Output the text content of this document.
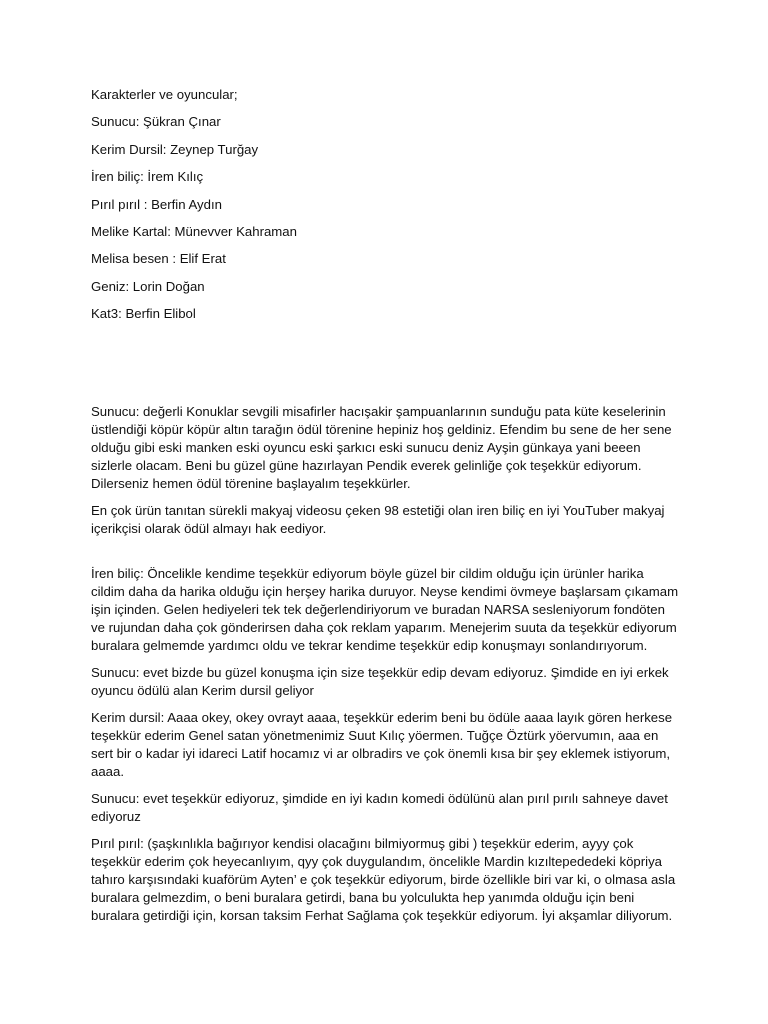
Karakterler ve oyuncular;
Sunucu: Şükran Çınar
Kerim Dursil: Zeynep Turğay
İren biliç: İrem Kılıç
Pırıl pırıl : Berfin Aydın
Melike Kartal: Münevver Kahraman
Melisa besen : Elif Erat
Geniz: Lorin Doğan
Kat3: Berfin Elibol

Sunucu: değerli Konuklar sevgili misafirler hacışakir şampuanlarının sunduğu pata küte keselerinin üstlendiği köpür köpür altın tarağın ödül törenine hepiniz hoş geldiniz. Efendim bu sene de her sene olduğu gibi eski manken eski oyuncu eski şarkıcı eski sunucu deniz Ayşin günkaya yani beeen sizlerle olacam. Beni bu güzel güne hazırlayan Pendik everek gelinliğe çok teşekkür ediyorum. Dilerseniz hemen ödül törenine başlayalım teşekkürler.

En çok ürün tanıtan sürekli makyaj videosu çeken 98 estetiği olan iren biliç en iyi YouTuber makyaj içerikçisi olarak ödül almayı hak eediyor.

İren biliç: Öncelikle kendime teşekkür ediyorum böyle güzel bir cildim olduğu için ürünler harika cildim daha da harika olduğu için herşey harika duruyor. Neyse kendimi övmeye başlarsam çıkamam işin içinden. Gelen hediyeleri tek tek değerlendiriyorum ve buradan NARSA sesleniyorum fondöten ve rujundan daha çok gönderirsen daha çok reklam yaparım. Menejerim suuta da teşekkür ediyorum buralara gelmemde yardımcı oldu ve tekrar kendime teşekkür edip konuşmayı sonlandırıyorum.

Sunucu: evet bizde bu güzel konuşma için size teşekkür edip devam ediyoruz. Şimdide en iyi erkek oyuncu ödülü alan Kerim dursil geliyor

Kerim dursil: Aaaa okey, okey ovrayt aaaa, teşekkür ederim beni bu ödüle aaaa layık gören herkese teşekkür ederim Genel satan yönetmenimiz Suut Kılıç yöermen. Tuğçe Öztürk yöervumın, aaa en sert bir o kadar iyi idareci Latif hocamız vi ar olbradirs ve çok önemli kısa bir şey eklemek istiyorum, aaaa.

Sunucu: evet teşekkür ediyoruz, şimdide en iyi kadın komedi ödülünü alan pırıl pırılı sahneye davet ediyoruz

Pırıl pırıl: (şaşkınlıkla bağırıyor kendisi olacağını bilmiyormuş gibi ) teşekkür ederim, ayyy çok teşekkür ederim çok heyecanlıyım, qyy çok duygulandım, öncelikle Mardin kızıltepededeki köpriya tahıro karşısındaki kuaförüm Ayten’ e çok teşekkür ediyorum, birde özellikle biri var ki, o olmasa asla buralara gelmezdim, o beni buralara getirdi, bana bu yolculukta hep yanımda olduğu için beni buralara getirdiği için, korsan taksim Ferhat Sağlama çok teşekkür ediyorum. İyi akşamlar diliyorum.
